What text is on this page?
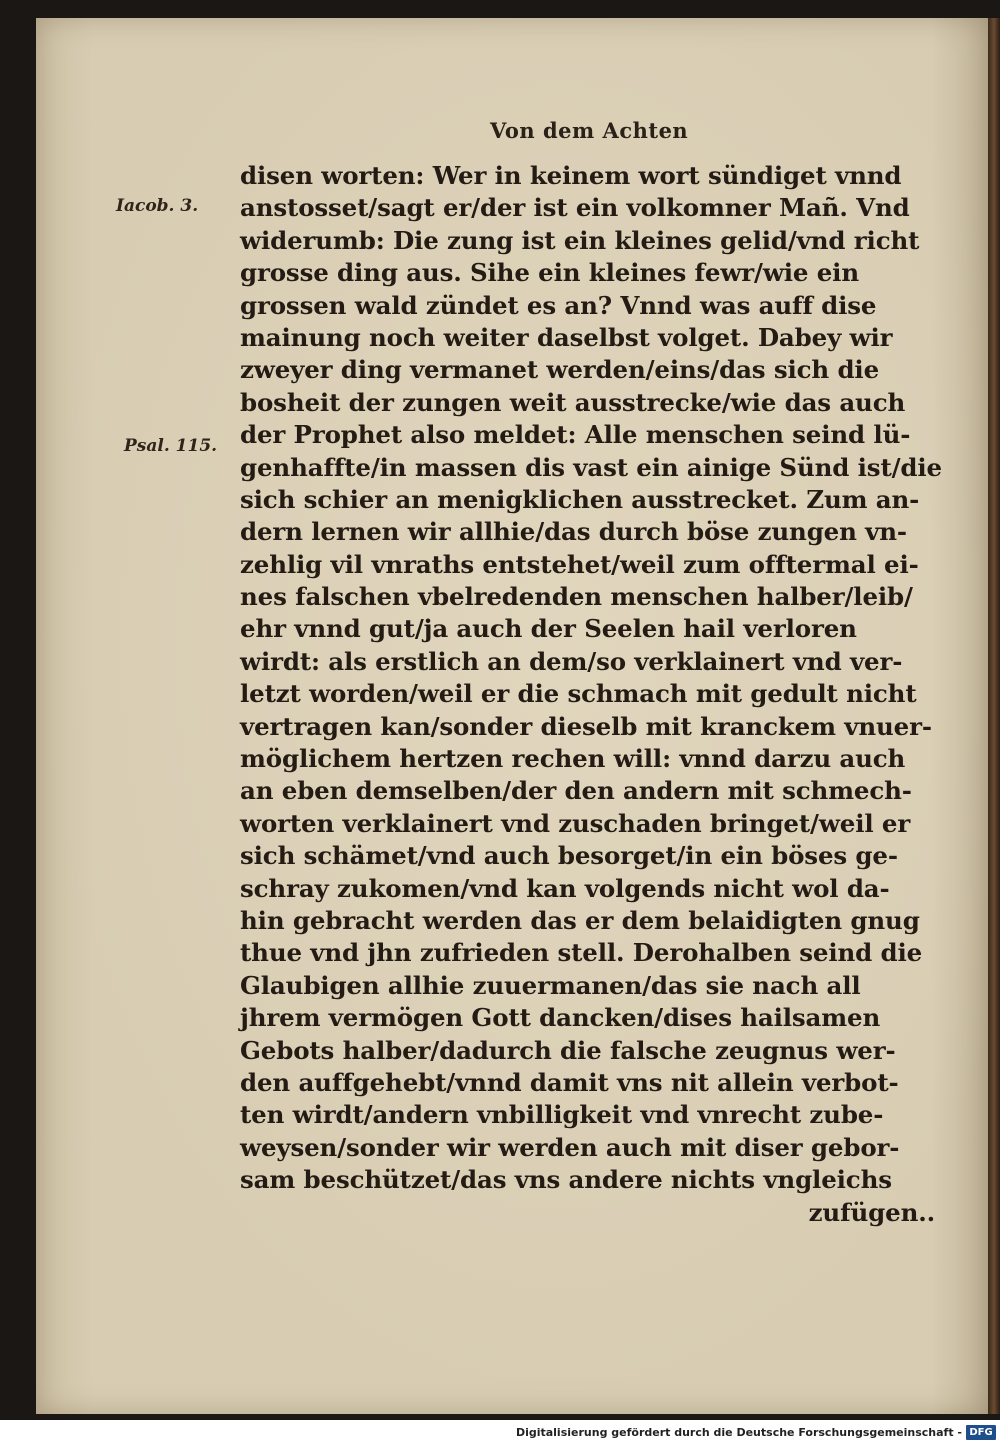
Von dem Achten
Iacob. 3.
Psal. 115.
disen worten: Wer in keinem wort sündiget vnnd
anstosset/sagt er/der ist ein volkomner Mañ. Vnd
widerumb: Die zung ist ein kleines gelid/vnd richt
grosse ding aus. Sihe ein kleines fewr/wie ein
grossen wald zündet es an? Vnnd was auff dise
mainung noch weiter daselbst volget. Dabey wir
zweyer ding vermanet werden/eins/das sich die
bosheit der zungen weit ausstrecke/wie das auch
der Prophet also meldet: Alle menschen seind lü-
genhaffte/in massen dis vast ein ainige Sünd ist/die
sich schier an menigklichen ausstrecket. Zum an-
dern lernen wir allhie/das durch böse zungen vn-
zehlig vil vnraths entstehet/weil zum offtermal ei-
nes falschen vbelredenden menschen halber/leib/
ehr vnnd gut/ja auch der Seelen hail verloren
wirdt: als erstlich an dem/so verklainert vnd ver-
letzt worden/weil er die schmach mit gedult nicht
vertragen kan/sonder dieselb mit kranckem vnuer-
möglichem hertzen rechen will: vnnd darzu auch
an eben demselben/der den andern mit schmech-
worten verklainert vnd zuschaden bringet/weil er
sich schämet/vnd auch besorget/in ein böses ge-
schray zukomen/vnd kan volgends nicht wol da-
hin gebracht werden das er dem belaidigten gnug
thue vnd jhn zufrieden stell. Derohalben seind die
Glaubigen allhie zuuermanen/das sie nach all
jhrem vermögen Gott dancken/dises hailsamen
Gebots halber/dadurch die falsche zeugnus wer-
den auffgehebt/vnnd damit vns nit allein verbot-
ten wirdt/andern vnbilligkeit vnd vnrecht zube-
weysen/sonder wir werden auch mit diser gebor-
sam beschützet/das vns andere nichts vngleichs
zufügen..
Digitalisierung gefördert durch die Deutsche Forschungsgemeinschaft - DFG
